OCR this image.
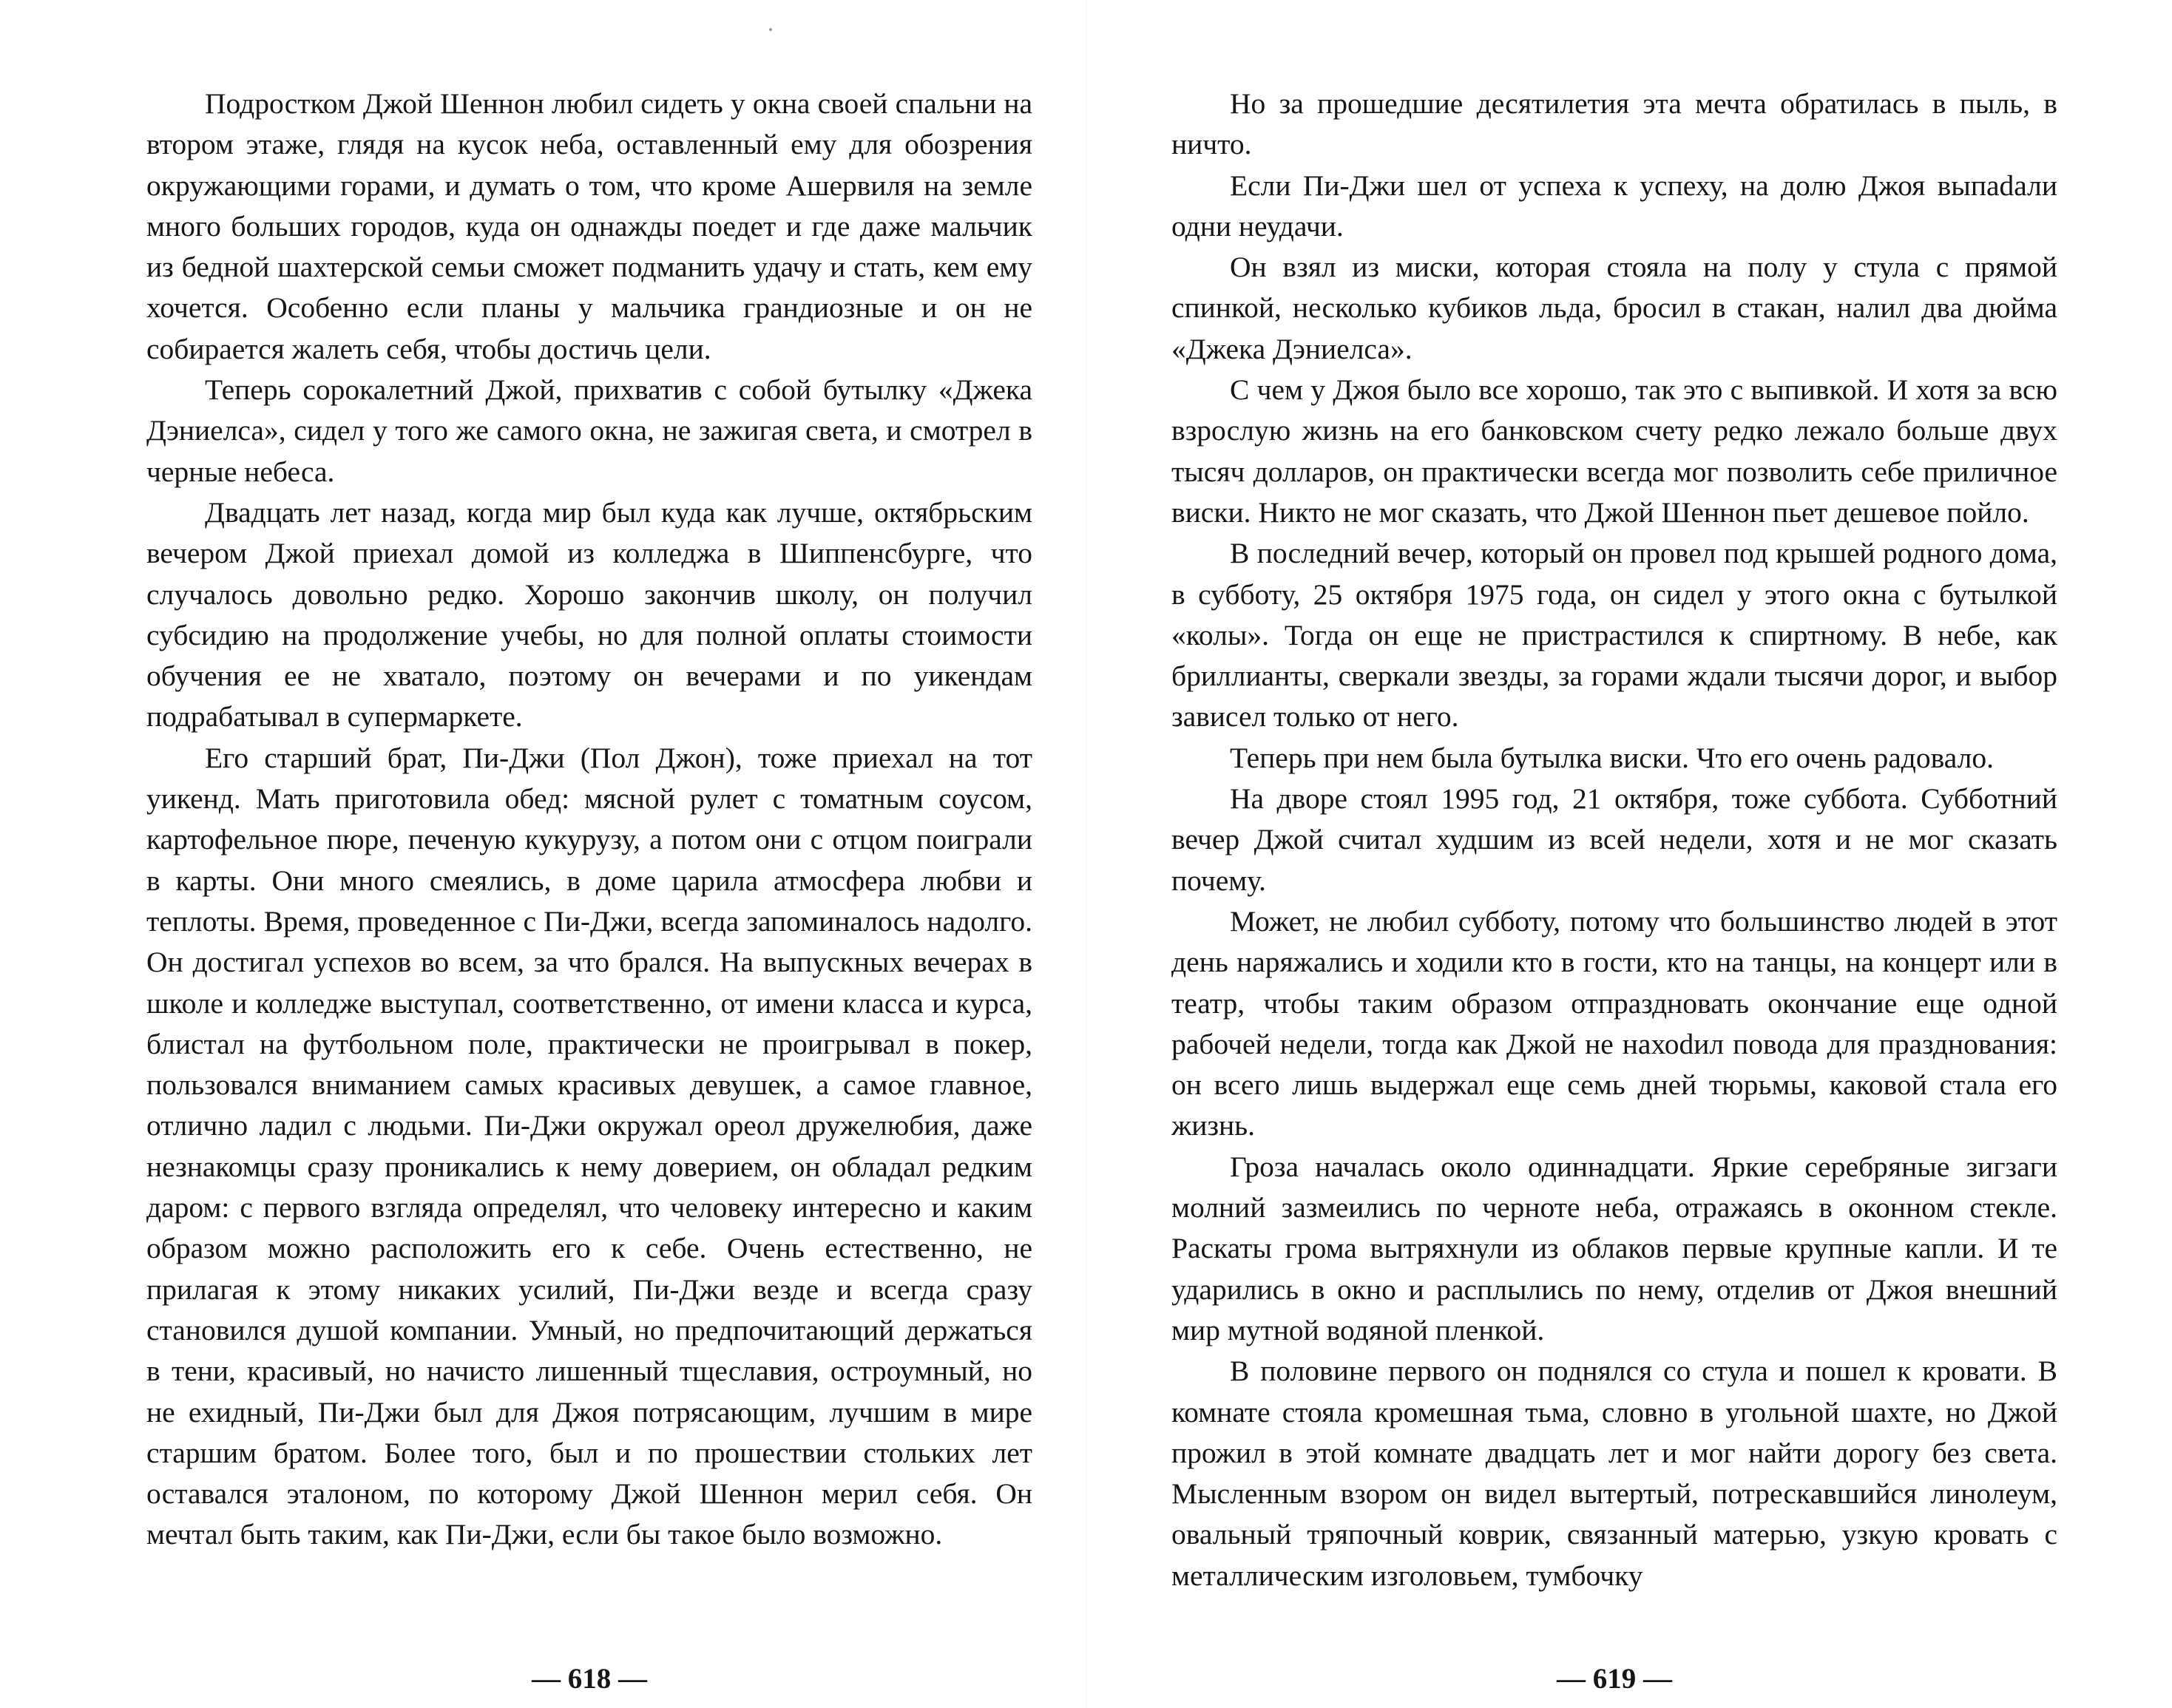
Подростком Джой Шеннон любил сидеть у окна своей спальни на втором этаже, глядя на кусок неба, оставленный ему для обозрения окружающими горами, и думать о том, что кроме Ашервиля на земле много больших городов, куда он однажды поедет и где даже мальчик из бедной шахтерской семьи сможет подманить удачу и стать, кем ему хочется. Особенно если планы у мальчика грандиозные и он не собирается жалеть себя, чтобы достичь цели.

Теперь сорокалетний Джой, прихватив с собой бутылку «Джека Дэниелса», сидел у того же самого окна, не зажигая света, и смотрел в черные небеса.

Двадцать лет назад, когда мир был куда как лучше, октябрьским вечером Джой приехал домой из колледжа в Шиппенсбурге, что случалось довольно редко. Хорошо закончив школу, он получил субсидию на продолжение учебы, но для полной оплаты стоимости обучения ее не хватало, поэтому он вечерами и по уикендам подрабатывал в супермаркете.

Его старший брат, Пи-Джи (Пол Джон), тоже приехал на тот уикенд. Мать приготовила обед: мясной рулет с томатным соусом, картофельное пюре, печеную кукурузу, а потом они с отцом поиграли в карты. Они много смеялись, в доме царила атмосфера любви и теплоты. Время, проведенное с Пи-Джи, всегда запоминалось надолго. Он достигал успехов во всем, за что брался. На выпускных вечерах в школе и колледже выступал, соответственно, от имени класса и курса, блистал на футбольном поле, практически не проигрывал в покер, пользовался вниманием самых красивых девушек, а самое главное, отлично ладил с людьми. Пи-Джи окружал ореол дружелюбия, даже незнакомцы сразу проникались к нему доверием, он обладал редким даром: с первого взгляда определял, что человеку интересно и каким образом можно расположить его к себе. Очень естественно, не прилагая к этому никаких усилий, Пи-Джи везде и всегда сразу становился душой компании. Умный, но предпочитающий держаться в тени, красивый, но начисто лишенный тщеславия, остроумный, но не ехидный, Пи-Джи был для Джоя потрясающим, лучшим в мире старшим братом. Более того, был и по прошествии стольких лет оставался эталоном, по которому Джой Шеннон мерил себя. Он мечтал быть таким, как Пи-Джи, если бы такое было возможно.

— 618 —

Но за прошедшие десятилетия эта мечта обратилась в пыль, в ничто.

Если Пи-Джи шел от успеха к успеху, на долю Джоя выпаdали одни неудачи.

Он взял из миски, которая стояла на полу у стула с прямой спинкой, несколько кубиков льда, бросил в стакан, налил два дюйма «Джека Дэниелса».

С чем у Джоя было все хорошо, так это с выпивкой. И хотя за всю взрослую жизнь на его банковском счету редко лежало больше двух тысяч долларов, он практически всегда мог позволить себе приличное виски. Никто не мог сказать, что Джой Шеннон пьет дешевое пойло.

В последний вечер, который он провел под крышей родного дома, в субботу, 25 октября 1975 года, он сидел у этого окна с бутылкой «колы». Тогда он еще не пристрастился к спиртному. В небе, как бриллианты, сверкали звезды, за горами ждали тысячи дорог, и выбор зависел только от него.

Теперь при нем была бутылка виски. Что его очень радовало.

На дворе стоял 1995 год, 21 октября, тоже суббота. Субботний вечер Джой считал худшим из всей недели, хотя и не мог сказать почему.

Может, не любил субботу, потому что большинство людей в этот день наряжались и ходили кто в гости, кто на танцы, на концерт или в театр, чтобы таким образом отпраздновать окончание еще одной рабочей недели, тогда как Джой не нахоdил повода для празднования: он всего лишь выдержал еще семь дней тюрьмы, каковой стала его жизнь.

Гроза началась около одиннадцати. Яркие серебряные зигзаги молний зазмеились по черноте неба, отражаясь в оконном стекле. Раскаты грома вытряхнули из облаков первые крупные капли. И те ударились в окно и расплылись по нему, отделив от Джоя внешний мир мутной водяной пленкой.

В половине первого он поднялся со стула и пошел к кровати. В комнате стояла кромешная тьма, словно в угольной шахте, но Джой прожил в этой комнате двадцать лет и мог найти дорогу без света. Мысленным взором он видел вытертый, потрескавшийся линолеум, овальный тряпочный коврик, связанный матерью, узкую кровать с металлическим изголовьем, тумбочку

— 619 —
